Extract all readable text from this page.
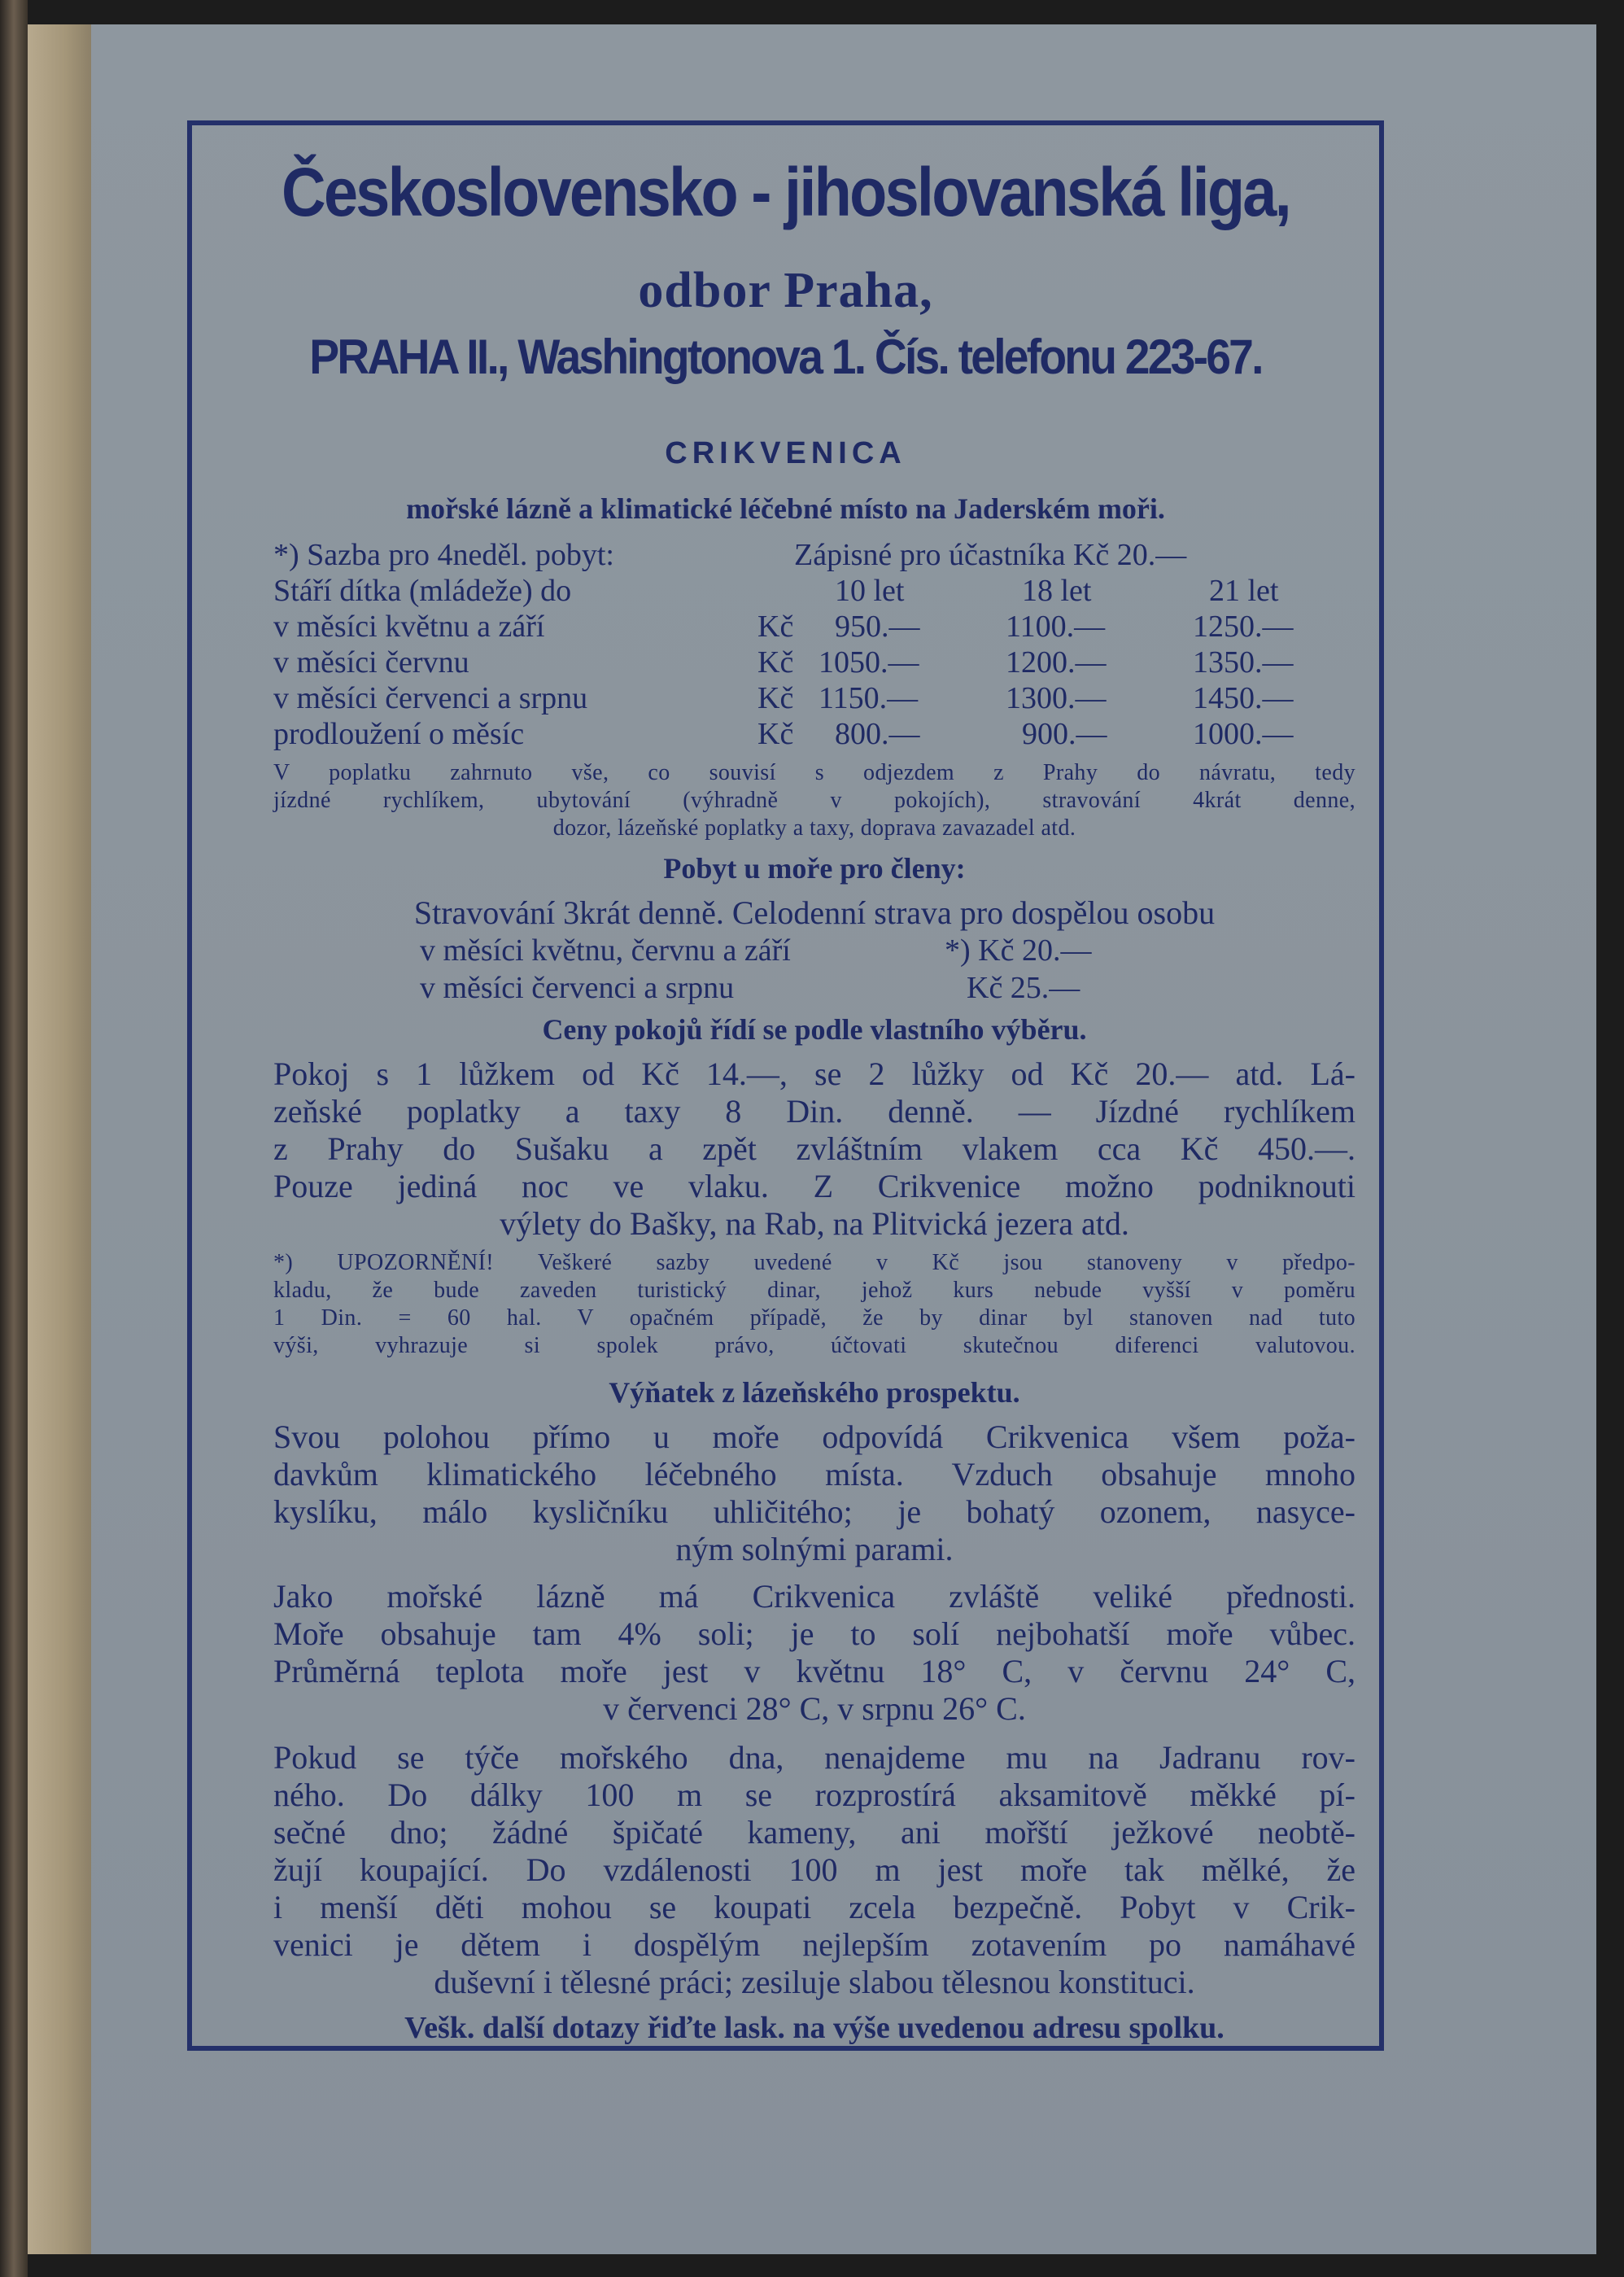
Československo - jihoslovanská liga,
odbor Praha,
PRAHA II., Washingtonova 1. Čís. telefonu 223-67.
CRIKVENICA
mořské lázně a klimatické léčebné místo na Jaderském moři.
*) Sazba pro 4neděl. pobyt:	Zápisné pro účastníka Kč 20.—
Stáří dítka (mládeže) do	10 let	18 let	21 let
v měsíci květnu a září	Kč 950.—	1100.—	1250.—
v měsíci červnu	Kč 1050.—	1200.—	1350.—
v měsíci červenci a srpnu	Kč 1150.—	1300.—	1450.—
prodloužení o měsíc	Kč 800.—	900.—	1000.—
V poplatku zahrnuto vše, co souvisí s odjezdem z Prahy do návratu, tedy
jízdné rychlíkem, ubytování (výhradně v pokojích), stravování 4krát denne,
dozor, lázeňské poplatky a taxy, doprava zavazadel atd.
Pobyt u moře pro členy:
Stravování 3krát denně. Celodenní strava pro dospělou osobu
v měsíci květnu, červnu a září	*) Kč 20.—
v měsíci červenci a srpnu	Kč 25.—
Ceny pokojů řídí se podle vlastního výběru.
Pokoj s 1 lůžkem od Kč 14.—, se 2 lůžky od Kč 20.— atd. Lá-
zeňské poplatky a taxy 8 Din. denně. — Jízdné rychlíkem
z Prahy do Sušaku a zpět zvláštním vlakem cca Kč 450.—.
Pouze jediná noc ve vlaku. Z Crikvenice možno podniknouti
výlety do Bašky, na Rab, na Plitvická jezera atd.
*) UPOZORNĚNÍ! Veškeré sazby uvedené v Kč jsou stanoveny v předpo-
kladu, že bude zaveden turistický dinar, jehož kurs nebude vyšší v poměru
1 Din. = 60 hal. V opačném případě, že by dinar byl stanoven nad tuto
výši, vyhrazuje si spolek právo, účtovati skutečnou diferenci valutovou.
Výňatek z lázeňského prospektu.
Svou polohou přímo u moře odpovídá Crikvenica všem poža-
davkům klimatického léčebného místa. Vzduch obsahuje mnoho
kyslíku, málo kysličníku uhličitého; je bohatý ozonem, nasyce-
ným solnými parami.
Jako mořské lázně má Crikvenica zvláště veliké přednosti.
Moře obsahuje tam 4% soli; je to solí nejbohatší moře vůbec.
Průměrná teplota moře jest v květnu 18° C, v červnu 24° C,
v červenci 28° C, v srpnu 26° C.
Pokud se týče mořského dna, nenajdeme mu na Jadranu rov-
ného. Do dálky 100 m se rozprostírá aksamitově měkké pí-
sečné dno; žádné špičaté kameny, ani mořští ježkové neobtě-
žují koupající. Do vzdálenosti 100 m jest moře tak mělké, že
i menší děti mohou se koupati zcela bezpečně. Pobyt v Crik-
venici je dětem i dospělým nejlepším zotavením po namáhavé
duševní i tělesné práci; zesiluje slabou tělesnou konstituci.
Vešk. další dotazy řiďte lask. na výše uvedenou adresu spolku.
